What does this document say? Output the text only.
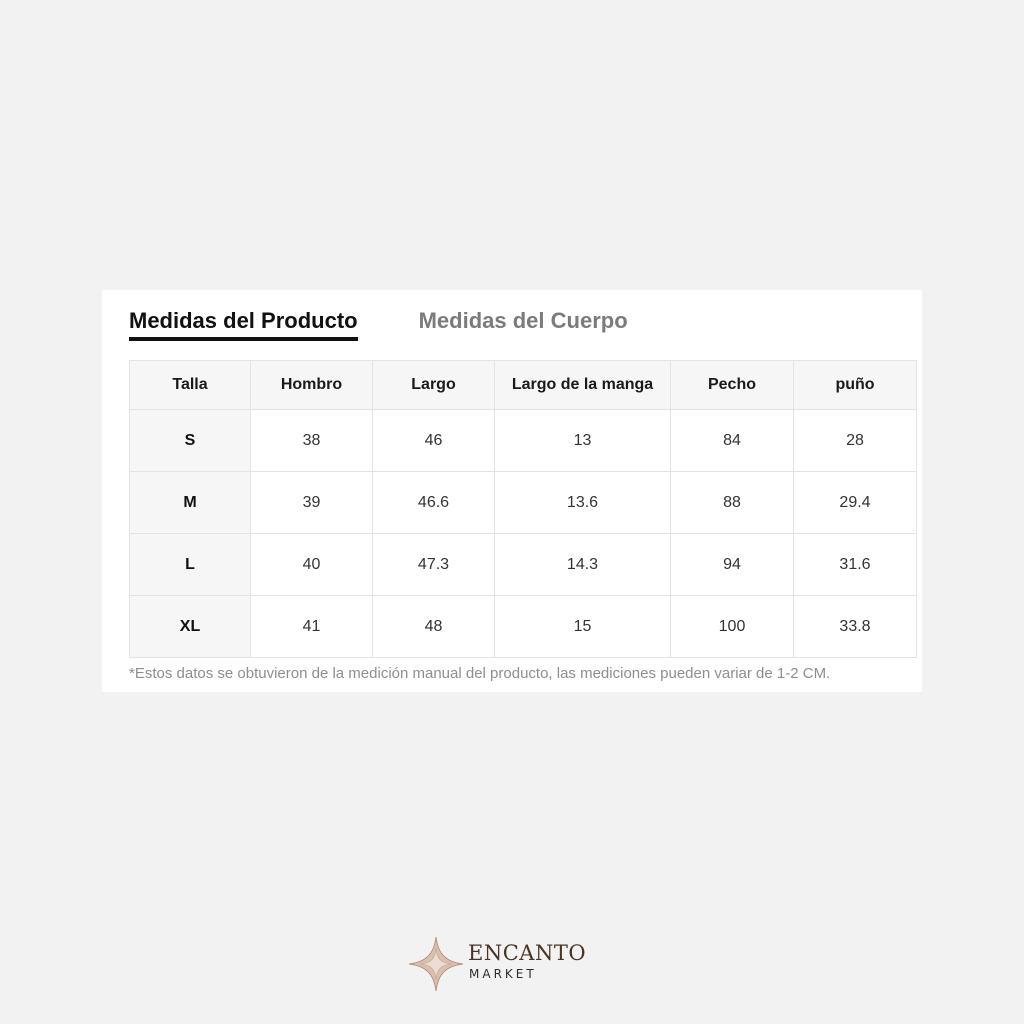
Medidas del Producto	Medidas del Cuerpo
Talla	Hombro	Largo	Largo de la manga	Pecho	puño
S	38	46	13	84	28
M	39	46.6	13.6	88	29.4
L	40	47.3	14.3	94	31.6
XL	41	48	15	100	33.8
*Estos datos se obtuvieron de la medición manual del producto, las mediciones pueden variar de 1-2 CM.
ENCANTO
MARKET
